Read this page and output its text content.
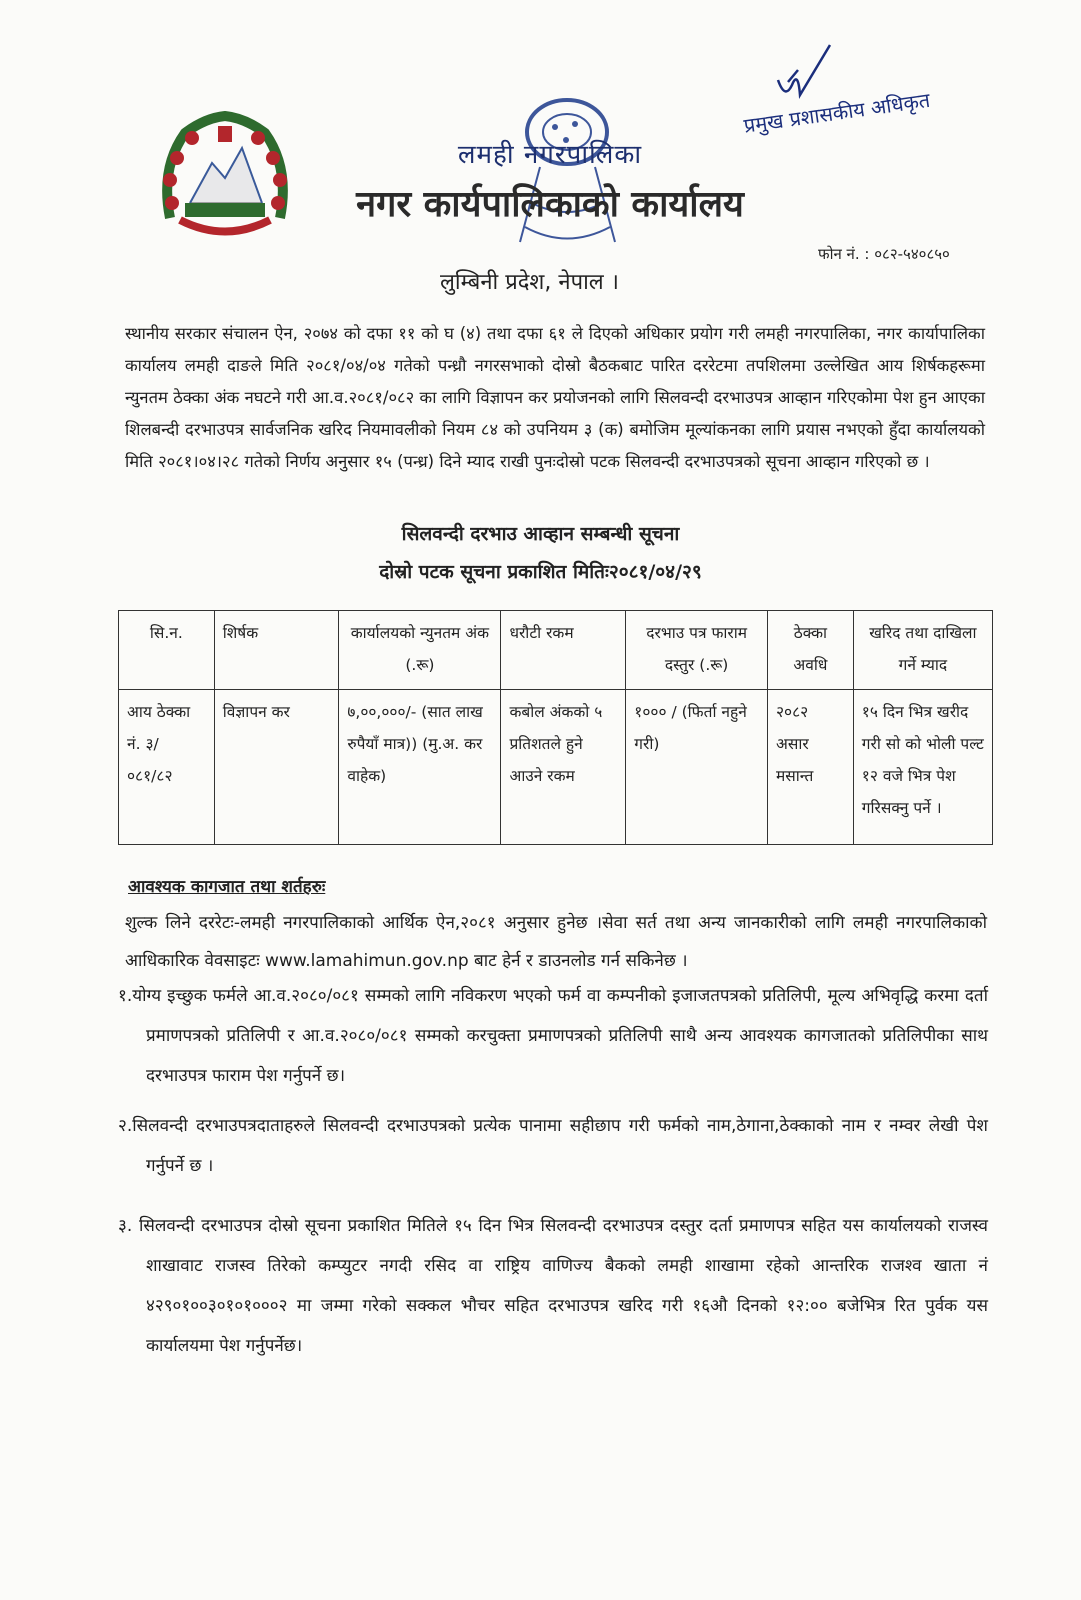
लमही नगरपालिका
नगर कार्यपालिकाको कार्यालय
लुम्बिनी प्रदेश, नेपाल ।
प्रमुख प्रशासकीय अधिकृत
फोन नं. : ०८२-५४०८५०
स्थानीय सरकार संचालन ऐन, २०७४ को दफा ११ को घ (४) तथा दफा ६१ ले दिएको अधिकार प्रयोग गरी लमही नगरपालिका, नगर कार्यापालिका कार्यालय लमही दाङले मिति २०८१/०४/०४ गतेको पन्ध्रौ नगरसभाको दोस्रो बैठकबाट पारित दररेटमा तपशिलमा उल्लेखित आय शिर्षकहरूमा न्युनतम ठेक्का अंक नघटने गरी आ.व.२०८१/०८२ का लागि विज्ञापन कर प्रयोजनको लागि सिलवन्दी दरभाउपत्र आव्हान गरिएकोमा पेश हुन आएका शिलबन्दी दरभाउपत्र सार्वजनिक खरिद नियमावलीको नियम ८४ को उपनियम ३ (क) बमोजिम मूल्यांकनका लागि प्रयास नभएको हुँदा कार्यालयको मिति २०८१।०४।२८ गतेको निर्णय अनुसार १५ (पन्ध्र) दिने म्याद राखी पुनःदोस्रो पटक सिलवन्दी दरभाउपत्रको सूचना आव्हान गरिएको छ ।
सिलवन्दी दरभाउ आव्हान सम्बन्धी सूचना
दोस्रो पटक सूचना प्रकाशित मितिः२०८१/०४/२९
सि.न.	शिर्षक	कार्यालयको न्युनतम अंक (.रू)	धरौटी रकम	दरभाउ पत्र फाराम दस्तुर (.रू)	ठेक्का अवधि	खरिद तथा दाखिला गर्ने म्याद
आय ठेक्का नं. ३/ ०८१/८२	विज्ञापन कर	७,००,०००/- (सात लाख रुपैयाँ मात्र)) (मु.अ. कर वाहेक)	कबोल अंकको ५ प्रतिशतले हुने आउने रकम	१००० / (फिर्ता नहुने गरी)	२०८२ असार मसान्त	१५ दिन भित्र खरीद गरी सो को भोली पल्ट १२ वजे भित्र पेश गरिसक्नु पर्ने ।
आवश्यक कागजात तथा शर्तहरुः
शुल्क लिने दररेटः-लमही नगरपालिकाको आर्थिक ऐन,२०८१ अनुसार हुनेछ ।सेवा सर्त तथा अन्य जानकारीको लागि लमही नगरपालिकाको आधिकारिक वेवसाइटः www.lamahimun.gov.np बाट हेर्न र डाउनलोड गर्न सकिनेछ ।
१.योग्य इच्छुक फर्मले आ.व.२०८०/०८१ सम्मको लागि नविकरण भएको फर्म वा कम्पनीको इजाजतपत्रको प्रतिलिपी, मूल्य अभिवृद्धि करमा दर्ता प्रमाणपत्रको प्रतिलिपी र आ.व.२०८०/०८१ सम्मको करचुक्ता प्रमाणपत्रको प्रतिलिपी साथै अन्य आवश्यक कागजातको प्रतिलिपीका साथ दरभाउपत्र फाराम पेश गर्नुपर्ने छ।
२.सिलवन्दी दरभाउपत्रदाताहरुले सिलवन्दी दरभाउपत्रको प्रत्येक पानामा सहीछाप गरी फर्मको नाम,ठेगाना,ठेक्काको नाम र नम्वर लेखी पेश गर्नुपर्ने छ ।
३. सिलवन्दी दरभाउपत्र दोस्रो सूचना प्रकाशित मितिले १५ दिन भित्र सिलवन्दी दरभाउपत्र दस्तुर दर्ता प्रमाणपत्र सहित यस कार्यालयको राजस्व शाखावाट राजस्व तिरेको कम्प्युटर नगदी रसिद वा राष्ट्रिय वाणिज्य बैकको लमही शाखामा रहेको आन्तरिक राजश्व खाता नं ४२९०१००३०१०१०००२ मा जम्मा गरेको सक्कल भौचर सहित दरभाउपत्र खरिद गरी १६औ दिनको १२:०० बजेभित्र रित पुर्वक यस कार्यालयमा पेश गर्नुपर्नेछ।
